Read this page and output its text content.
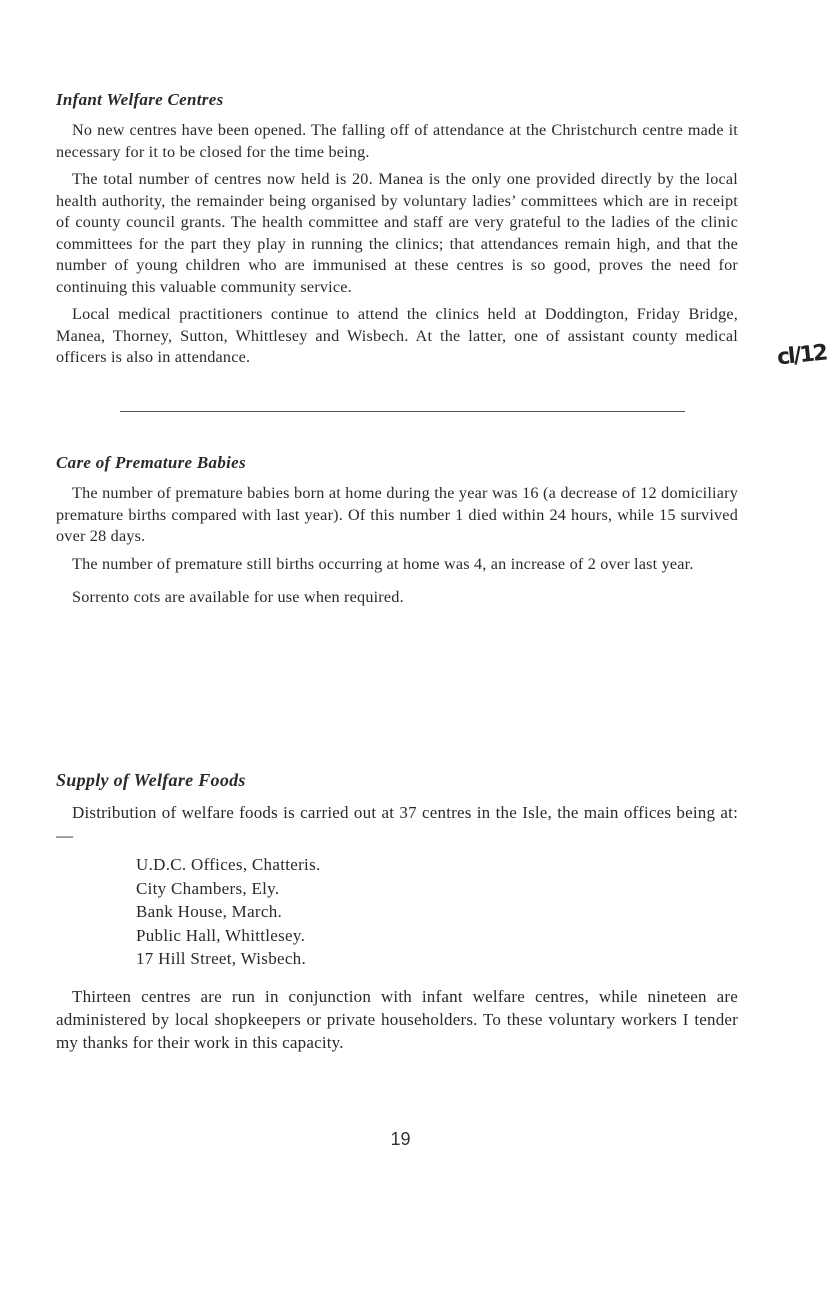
Infant Welfare Centres

No new centres have been opened. The falling off of attendance at the Christchurch centre made it necessary for it to be closed for the time being.

The total number of centres now held is 20. Manea is the only one provided directly by the local health authority, the remainder being organised by voluntary ladies’ committees which are in receipt of county council grants. The health committee and staff are very grateful to the ladies of the clinic committees for the part they play in running the clinics; that attendances remain high, and that the number of young children who are immunised at these centres is so good, proves the need for continuing this valuable community service.

Local medical practitioners continue to attend the clinics held at Doddington, Friday Bridge, Manea, Thorney, Sutton, Whittlesey and Wisbech. At the latter, one of assistant county medical officers is also in attendance.	cl/12
Care of Premature Babies

The number of premature babies born at home during the year was 16 (a decrease of 12 domiciliary premature births compared with last year). Of this number 1 died within 24 hours, while 15 survived over 28 days.

The number of premature still births occurring at home was 4, an increase of 2 over last year.

Sorrento cots are available for use when required.

Supply of Welfare Foods

Distribution of welfare foods is carried out at 37 centres in the Isle, the main offices being at: —

U.D.C. Offices, Chatteris.
City Chambers, Ely.
Bank House, March.
Public Hall, Whittlesey.
17 Hill Street, Wisbech.

Thirteen centres are run in conjunction with infant welfare centres, while nineteen are administered by local shopkeepers or private householders. To these voluntary workers I tender my thanks for their work in this capacity.

19
